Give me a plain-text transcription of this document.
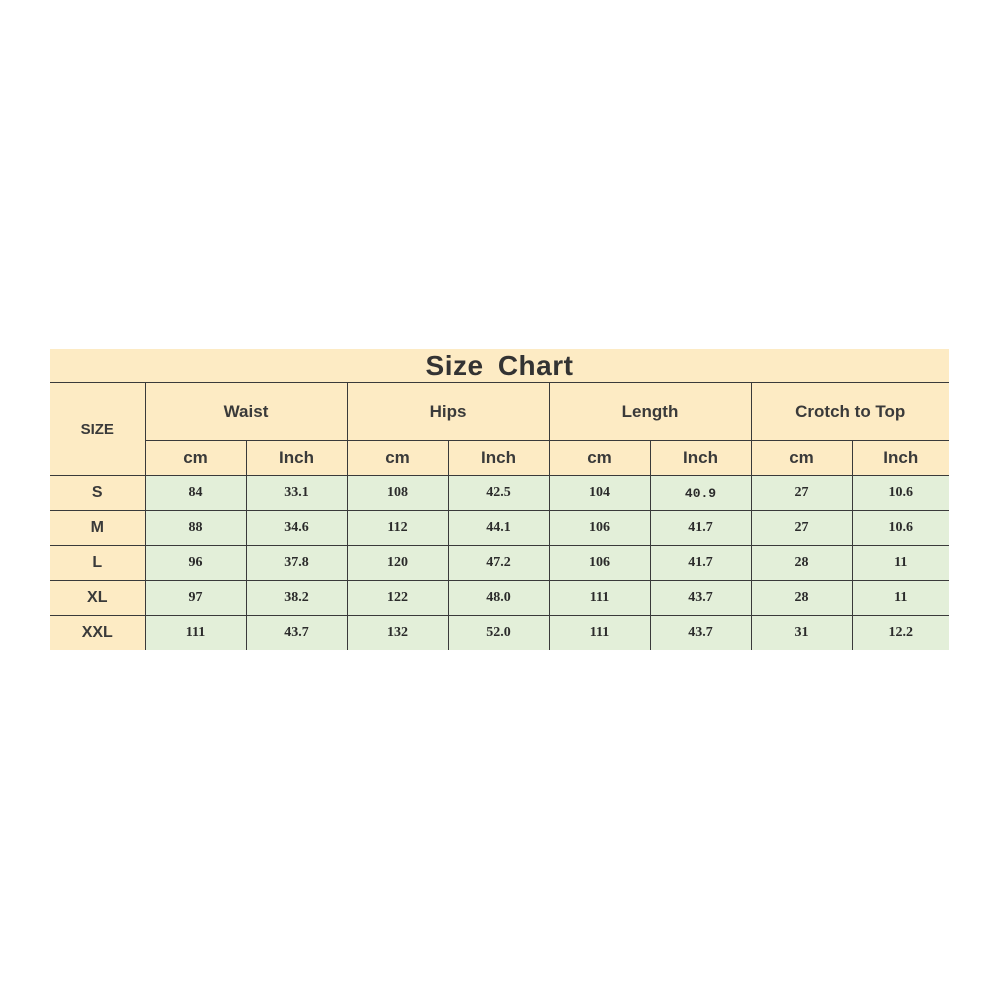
Size Chart								
SIZE	Waist		Hips		Length		Crotch to Top	
	cm	Inch	cm	Inch	cm	Inch	cm	Inch
S	84	33.1	108	42.5	104	40.9	27	10.6
M	88	34.6	112	44.1	106	41.7	27	10.6
L	96	37.8	120	47.2	106	41.7	28	11
XL	97	38.2	122	48.0	111	43.7	28	11
XXL	111	43.7	132	52.0	111	43.7	31	12.2
